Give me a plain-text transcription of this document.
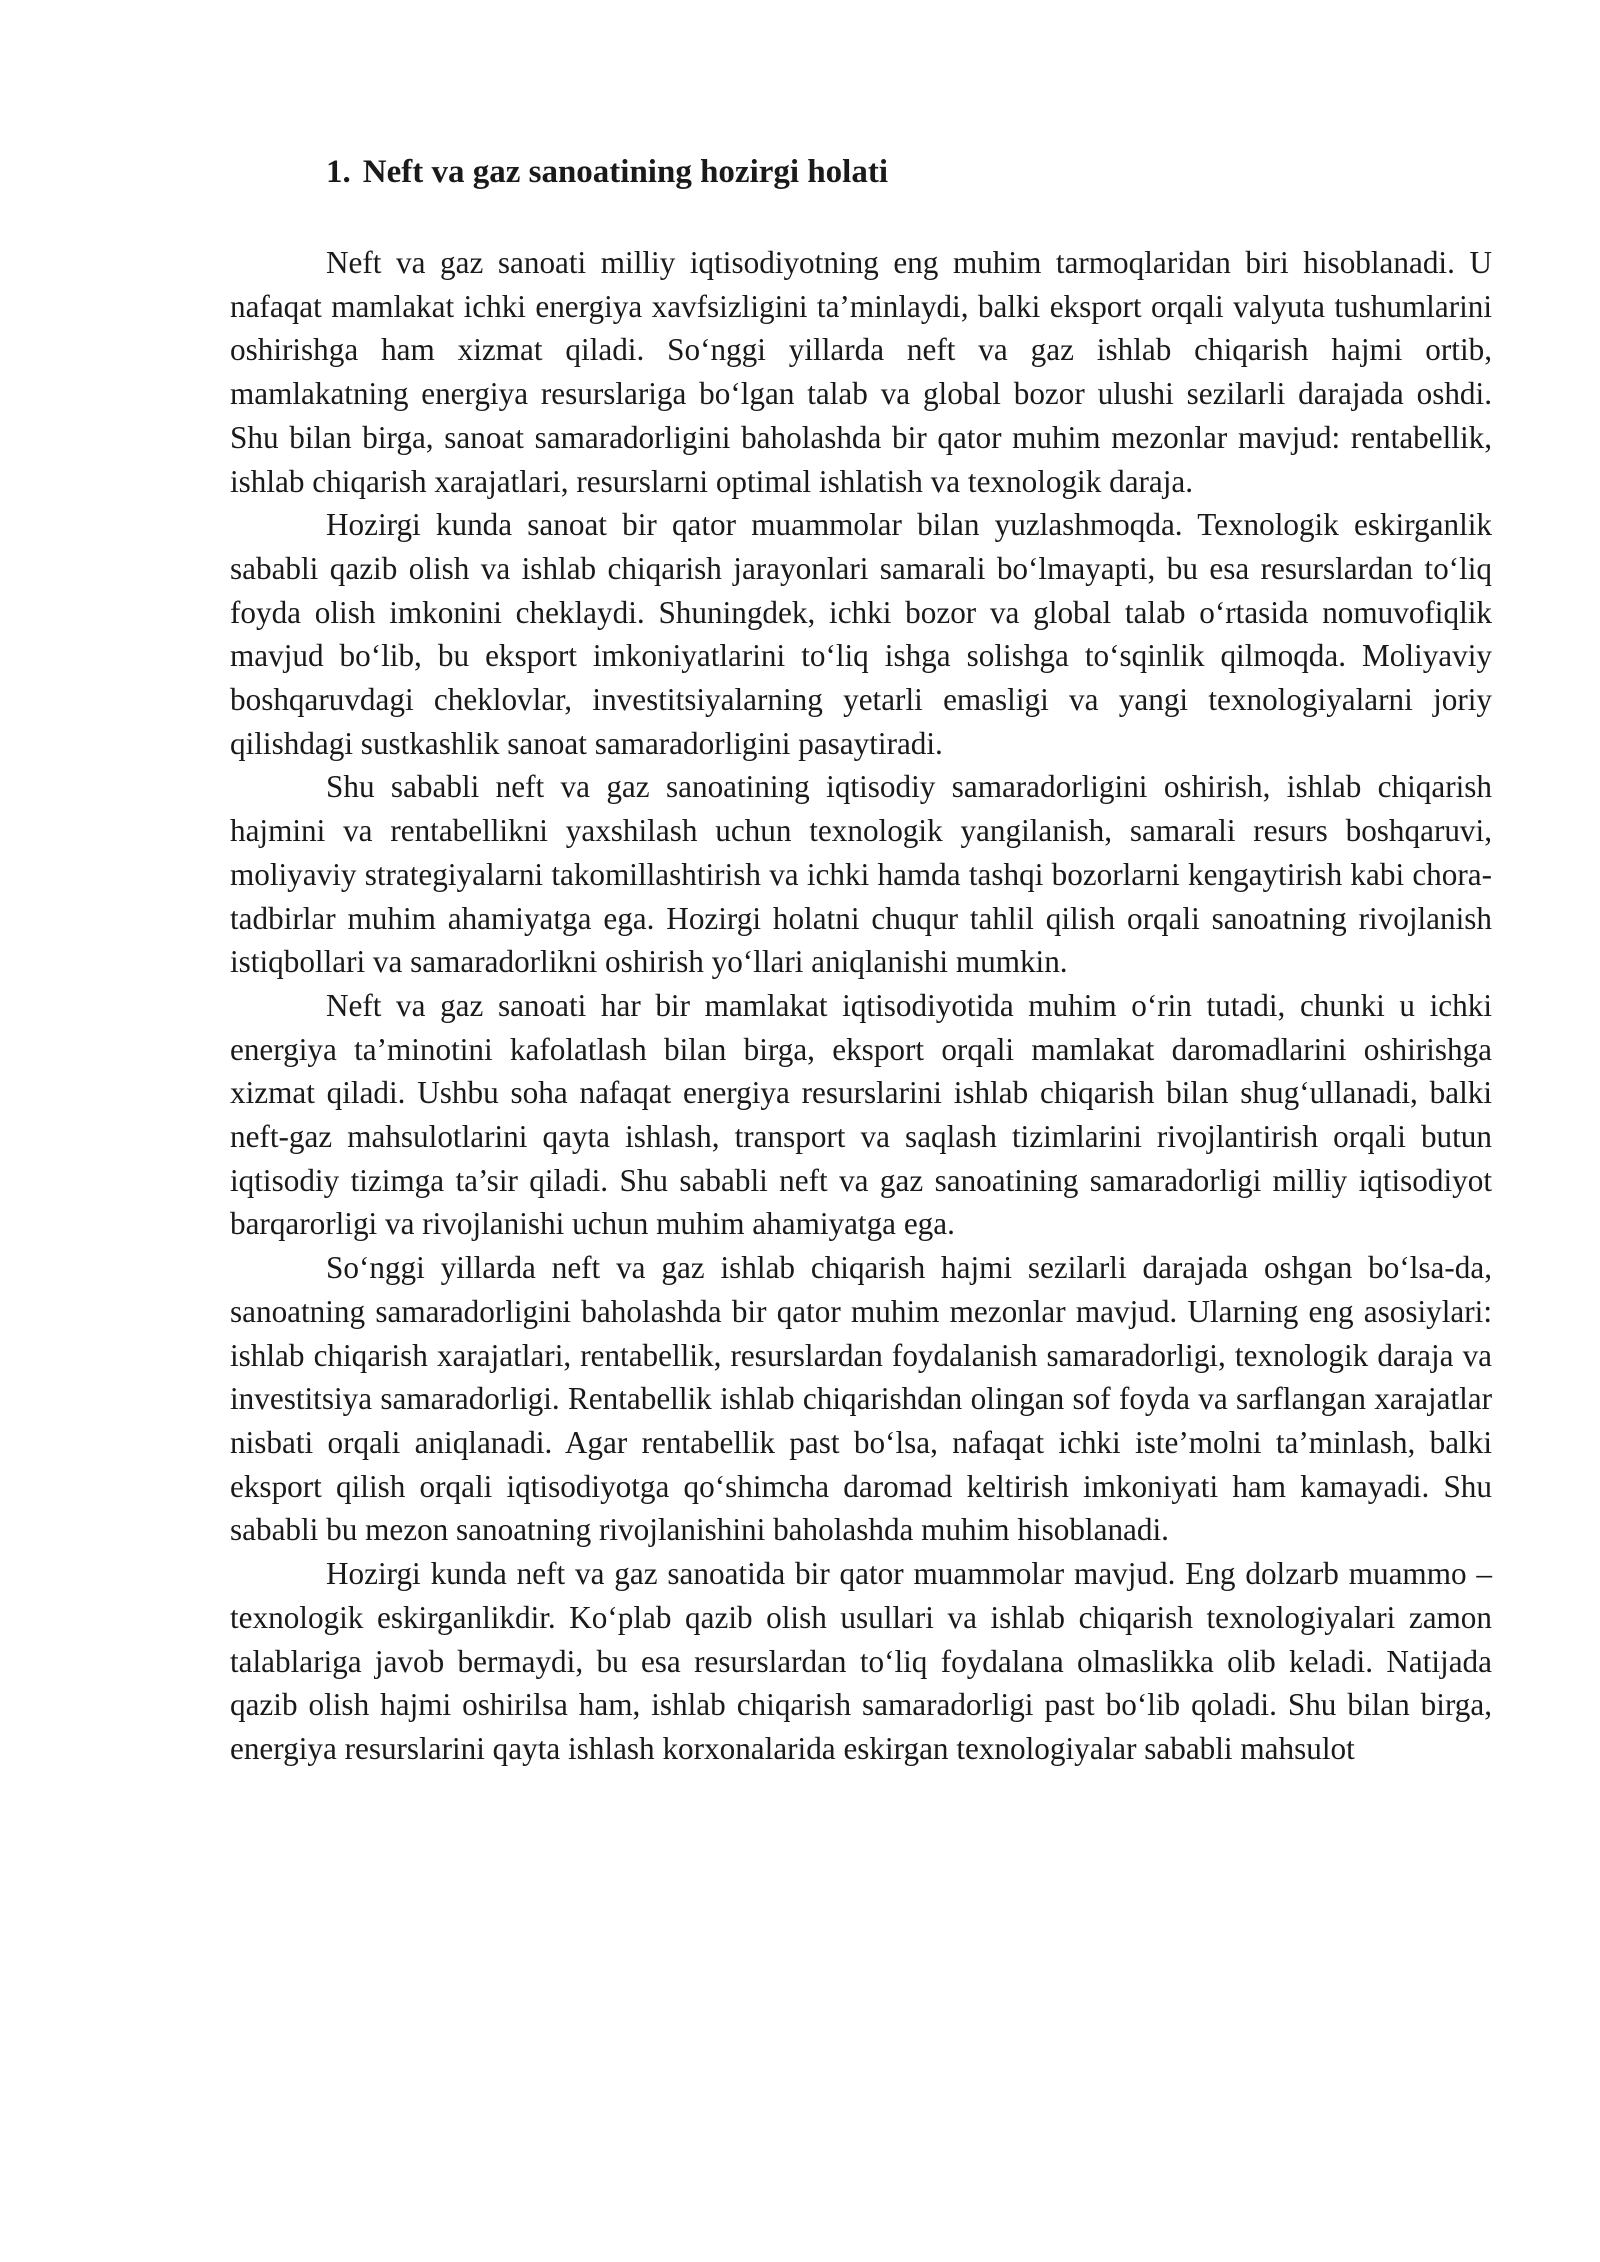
1. Neft va gaz sanoatining hozirgi holati

Neft va gaz sanoati milliy iqtisodiyotning eng muhim tarmoqlaridan biri hisoblanadi. U nafaqat mamlakat ichki energiya xavfsizligini ta’minlaydi, balki eksport orqali valyuta tushumlarini oshirishga ham xizmat qiladi. So‘nggi yillarda neft va gaz ishlab chiqarish hajmi ortib, mamlakatning energiya resurslariga bo‘lgan talab va global bozor ulushi sezilarli darajada oshdi. Shu bilan birga, sanoat samaradorligini baholashda bir qator muhim mezonlar mavjud: rentabellik, ishlab chiqarish xarajatlari, resurslarni optimal ishlatish va texnologik daraja.

Hozirgi kunda sanoat bir qator muammolar bilan yuzlashmoqda. Texnologik eskirganlik sababli qazib olish va ishlab chiqarish jarayonlari samarali bo‘lmayapti, bu esa resurslardan to‘liq foyda olish imkonini cheklaydi. Shuningdek, ichki bozor va global talab o‘rtasida nomuvofiqlik mavjud bo‘lib, bu eksport imkoniyatlarini to‘liq ishga solishga to‘sqinlik qilmoqda. Moliyaviy boshqaruvdagi cheklovlar, investitsiyalarning yetarli emasligi va yangi texnologiyalarni joriy qilishdagi sustkashlik sanoat samaradorligini pasaytiradi.

Shu sababli neft va gaz sanoatining iqtisodiy samaradorligini oshirish, ishlab chiqarish hajmini va rentabellikni yaxshilash uchun texnologik yangilanish, samarali resurs boshqaruvi, moliyaviy strategiyalarni takomillashtirish va ichki hamda tashqi bozorlarni kengaytirish kabi chora-tadbirlar muhim ahamiyatga ega. Hozirgi holatni chuqur tahlil qilish orqali sanoatning rivojlanish istiqbollari va samaradorlikni oshirish yo‘llari aniqlanishi mumkin.

Neft va gaz sanoati har bir mamlakat iqtisodiyotida muhim o‘rin tutadi, chunki u ichki energiya ta’minotini kafolatlash bilan birga, eksport orqali mamlakat daromadlarini oshirishga xizmat qiladi. Ushbu soha nafaqat energiya resurslarini ishlab chiqarish bilan shug‘ullanadi, balki neft-gaz mahsulotlarini qayta ishlash, transport va saqlash tizimlarini rivojlantirish orqali butun iqtisodiy tizimga ta’sir qiladi. Shu sababli neft va gaz sanoatining samaradorligi milliy iqtisodiyot barqarorligi va rivojlanishi uchun muhim ahamiyatga ega.

So‘nggi yillarda neft va gaz ishlab chiqarish hajmi sezilarli darajada oshgan bo‘lsa-da, sanoatning samaradorligini baholashda bir qator muhim mezonlar mavjud. Ularning eng asosiylari: ishlab chiqarish xarajatlari, rentabellik, resurslardan foydalanish samaradorligi, texnologik daraja va investitsiya samaradorligi. Rentabellik ishlab chiqarishdan olingan sof foyda va sarflangan xarajatlar nisbati orqali aniqlanadi. Agar rentabellik past bo‘lsa, nafaqat ichki iste’molni ta’minlash, balki eksport qilish orqali iqtisodiyotga qo‘shimcha daromad keltirish imkoniyati ham kamayadi. Shu sababli bu mezon sanoatning rivojlanishini baholashda muhim hisoblanadi.

Hozirgi kunda neft va gaz sanoatida bir qator muammolar mavjud. Eng dolzarb muammo – texnologik eskirganlikdir. Ko‘plab qazib olish usullari va ishlab chiqarish texnologiyalari zamon talablariga javob bermaydi, bu esa resurslardan to‘liq foydalana olmaslikka olib keladi. Natijada qazib olish hajmi oshirilsa ham, ishlab chiqarish samaradorligi past bo‘lib qoladi. Shu bilan birga, energiya resurslarini qayta ishlash korxonalarida eskirgan texnologiyalar sababli mahsulot
